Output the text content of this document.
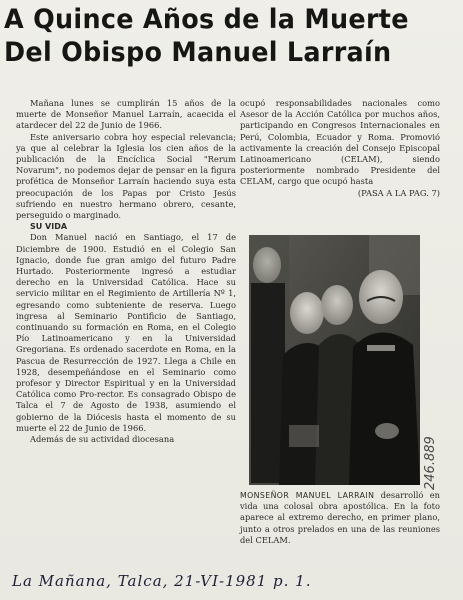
A Quince Años de la Muerte
Del Obispo Manuel Larraín

Mañana lunes se cumplirán 15 años de la muerte de Monseñor Manuel Larraín, acaecida el atardecer del 22 de Junio de 1966.

Este aniversario cobra hoy especial relevancia; ya que al celebrar la Iglesia los cien años de la publicación de la Encíclica Social "Rerum Novarum", no podemos dejar de pensar en la figura profética de Monseñor Larraín haciendo suya esta preocupación de los Papas por Cristo Jesús sufriendo en nuestro hermano obrero, cesante, perseguido o marginado.

SU VIDA

Don Manuel nació en Santiago, el 17 de Diciembre de 1900. Estudió en el Colegio San Ignacio, donde fue gran amigo del futuro Padre Hurtado. Posteriormente ingresó a estudiar derecho en la Universidad Católica. Hace su servicio militar en el Regimiento de Artillería Nº 1, egresando como subteniente de reserva. Luego ingresa al Seminario Pontificio de Santiago, continuando su formación en Roma, en el Colegio Pío Latinoamericano y en la Universidad Gregoriana. Es ordenado sacerdote en Roma, en la Pascua de Resurrección de 1927. Llega a Chile en 1928, desempeñándose en el Seminario como profesor y Director Espiritual y en la Universidad Católica como Pro-rector. Es consagrado Obispo de Talca el 7 de Agosto de 1938, asumiendo el gobierno de la Diócesis hasta el momento de su muerte el 22 de Junio de 1966.

Además de su actividad diocesana

ocupó responsabilidades nacionales como Asesor de la Acción Católica por muchos años, participando en Congresos Internacionales en Perú, Colombia, Ecuador y Roma. Promovió activamente la creación del Consejo Episcopal Latinoamericano (CELAM), siendo posteriormente nombrado Presidente del CELAM, cargo que ocupó hasta

(PASA A LA PAG. 7)

MONSEÑOR MANUEL LARRAIN desarrolló en vida una colosal obra apostólica. En la foto aparece al extremo derecho, en primer plano, junto a otros prelados en una de las reuniones del CELAM.
246.889
La Mañana, Talca, 21-VI-1981 p. 1.
